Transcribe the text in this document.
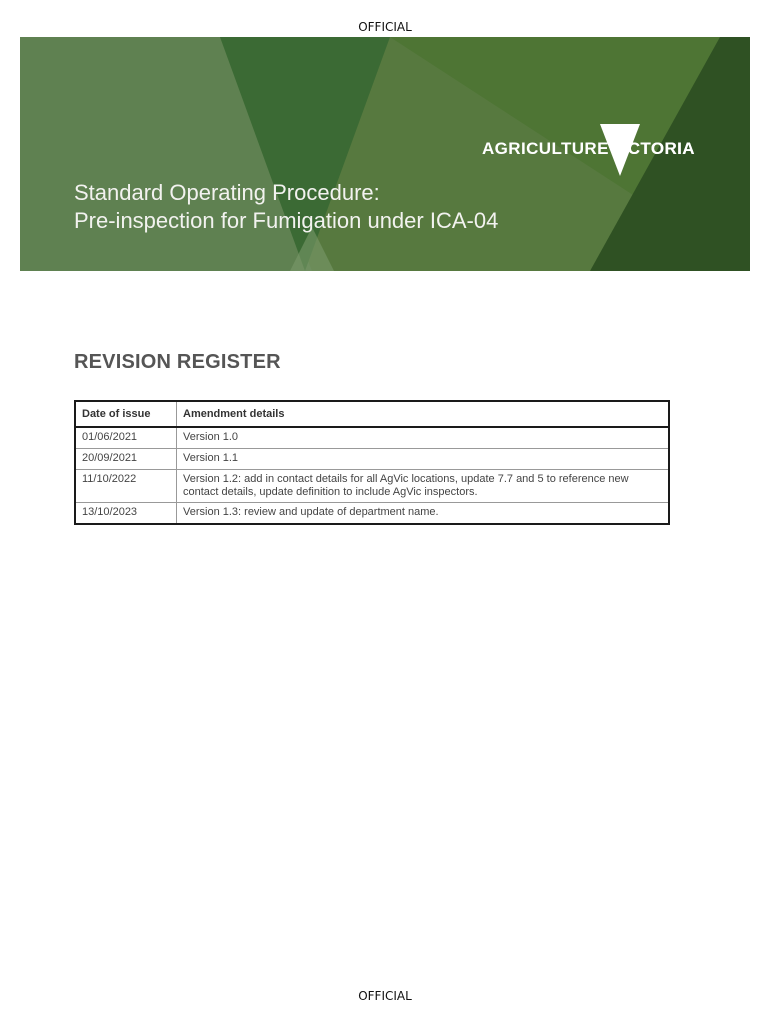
OFFICIAL
AGRICULTURE VICTORIA
Standard Operating Procedure:
Pre-inspection for Fumigation under ICA-04
REVISION REGISTER
Date of issue	Amendment details
01/06/2021	Version 1.0
20/09/2021	Version 1.1
11/10/2022	Version 1.2: add in contact details for all AgVic locations, update 7.7 and 5 to reference new contact details, update definition to include AgVic inspectors.
13/10/2023	Version 1.3: review and update of department name.
OFFICIAL
